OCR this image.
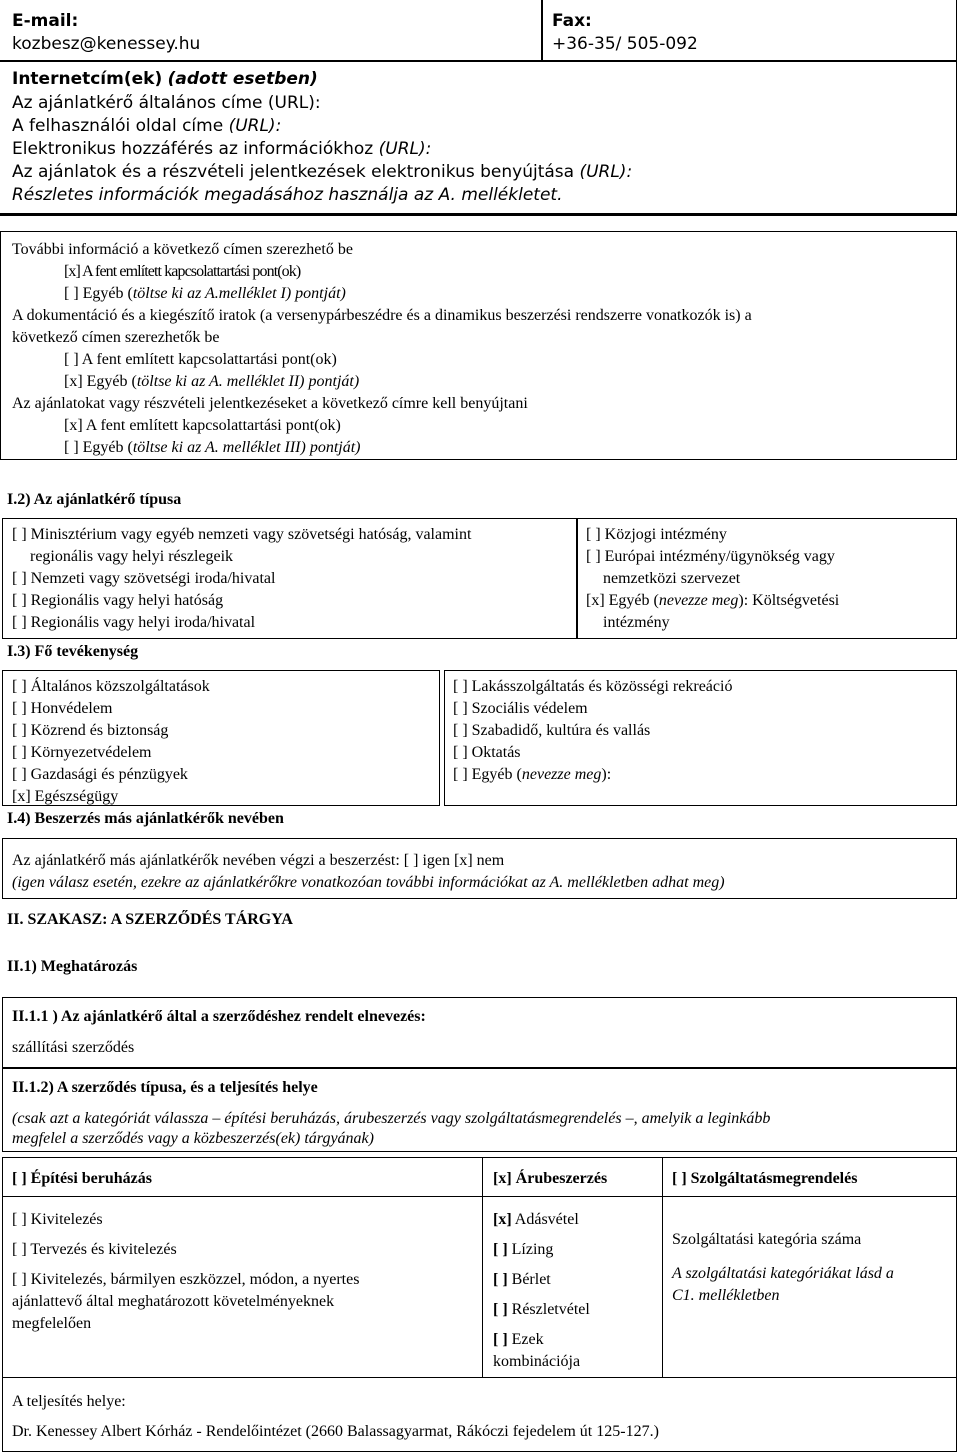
E-mail:
kozbesz@kenessey.hu
Fax:
+36-35/ 505-092
Internetcím(ek) (adott esetben)
Az ajánlatkérő általános címe (URL):
A felhasználói oldal címe (URL):
Elektronikus hozzáférés az információkhoz (URL):
Az ajánlatok és a részvételi jelentkezések elektronikus benyújtása (URL):
Részletes információk megadásához használja az A. mellékletet.
További információ a következő címen szerezhető be
[x] A fent említett kapcsolattartási pont(ok)
[ ] Egyéb (töltse ki az A.melléklet I) pontját)
A dokumentáció és a kiegészítő iratok (a versenypárbeszédre és a dinamikus beszerzési rendszerre vonatkozók is) a
következő címen szerezhetők be
[ ] A fent említett kapcsolattartási pont(ok)
[x] Egyéb (töltse ki az A. melléklet II) pontját)
Az ajánlatokat vagy részvételi jelentkezéseket a következő címre kell benyújtani
[x] A fent említett kapcsolattartási pont(ok)
[ ] Egyéb (töltse ki az A. melléklet III) pontját)
I.2) Az ajánlatkérő típusa
[ ] Minisztérium vagy egyéb nemzeti vagy szövetségi hatóság, valamint
regionális vagy helyi részlegeik
[ ] Nemzeti vagy szövetségi iroda/hivatal
[ ] Regionális vagy helyi hatóság
[ ] Regionális vagy helyi iroda/hivatal
[ ] Közjogi intézmény
[ ] Európai intézmény/ügynökség vagy
nemzetközi szervezet
[x] Egyéb (nevezze meg): Költségvetési
intézmény
I.3) Fő tevékenység
[ ] Általános közszolgáltatások
[ ] Honvédelem
[ ] Közrend és biztonság
[ ] Környezetvédelem
[ ] Gazdasági és pénzügyek
[x] Egészségügy
[ ] Lakásszolgáltatás és közösségi rekreáció
[ ] Szociális védelem
[ ] Szabadidő, kultúra és vallás
[ ] Oktatás
[ ] Egyéb (nevezze meg):
I.4) Beszerzés más ajánlatkérők nevében
Az ajánlatkérő más ajánlatkérők nevében végzi a beszerzést: [ ] igen [x] nem
(igen válasz esetén, ezekre az ajánlatkérőkre vonatkozóan további információkat az A. mellékletben adhat meg)
II. SZAKASZ: A SZERZŐDÉS TÁRGYA
II.1) Meghatározás
II.1.1 ) Az ajánlatkérő által a szerződéshez rendelt elnevezés:
szállítási szerződés
II.1.2) A szerződés típusa, és a teljesítés helye
(csak azt a kategóriát válassza – építési beruházás, árubeszerzés vagy szolgáltatásmegrendelés –, amelyik a leginkább
megfelel a szerződés vagy a közbeszerzés(ek) tárgyának)
[ ] Építési beruházás	[x] Árubeszerzés	[ ] Szolgáltatásmegrendelés
[ ] Kivitelezés
[ ] Tervezés és kivitelezés
[ ] Kivitelezés, bármilyen eszközzel, módon, a nyertes
ajánlattevő által meghatározott követelményeknek
megfelelően
[x] Adásvétel
[ ] Lízing
[ ] Bérlet
[ ] Részletvétel
[ ] Ezek
kombinációja
Szolgáltatási kategória száma
A szolgáltatási kategóriákat lásd a
C1. mellékletben
A teljesítés helye:
Dr. Kenessey Albert Kórház - Rendelőintézet (2660 Balassagyarmat, Rákóczi fejedelem út 125-127.)
